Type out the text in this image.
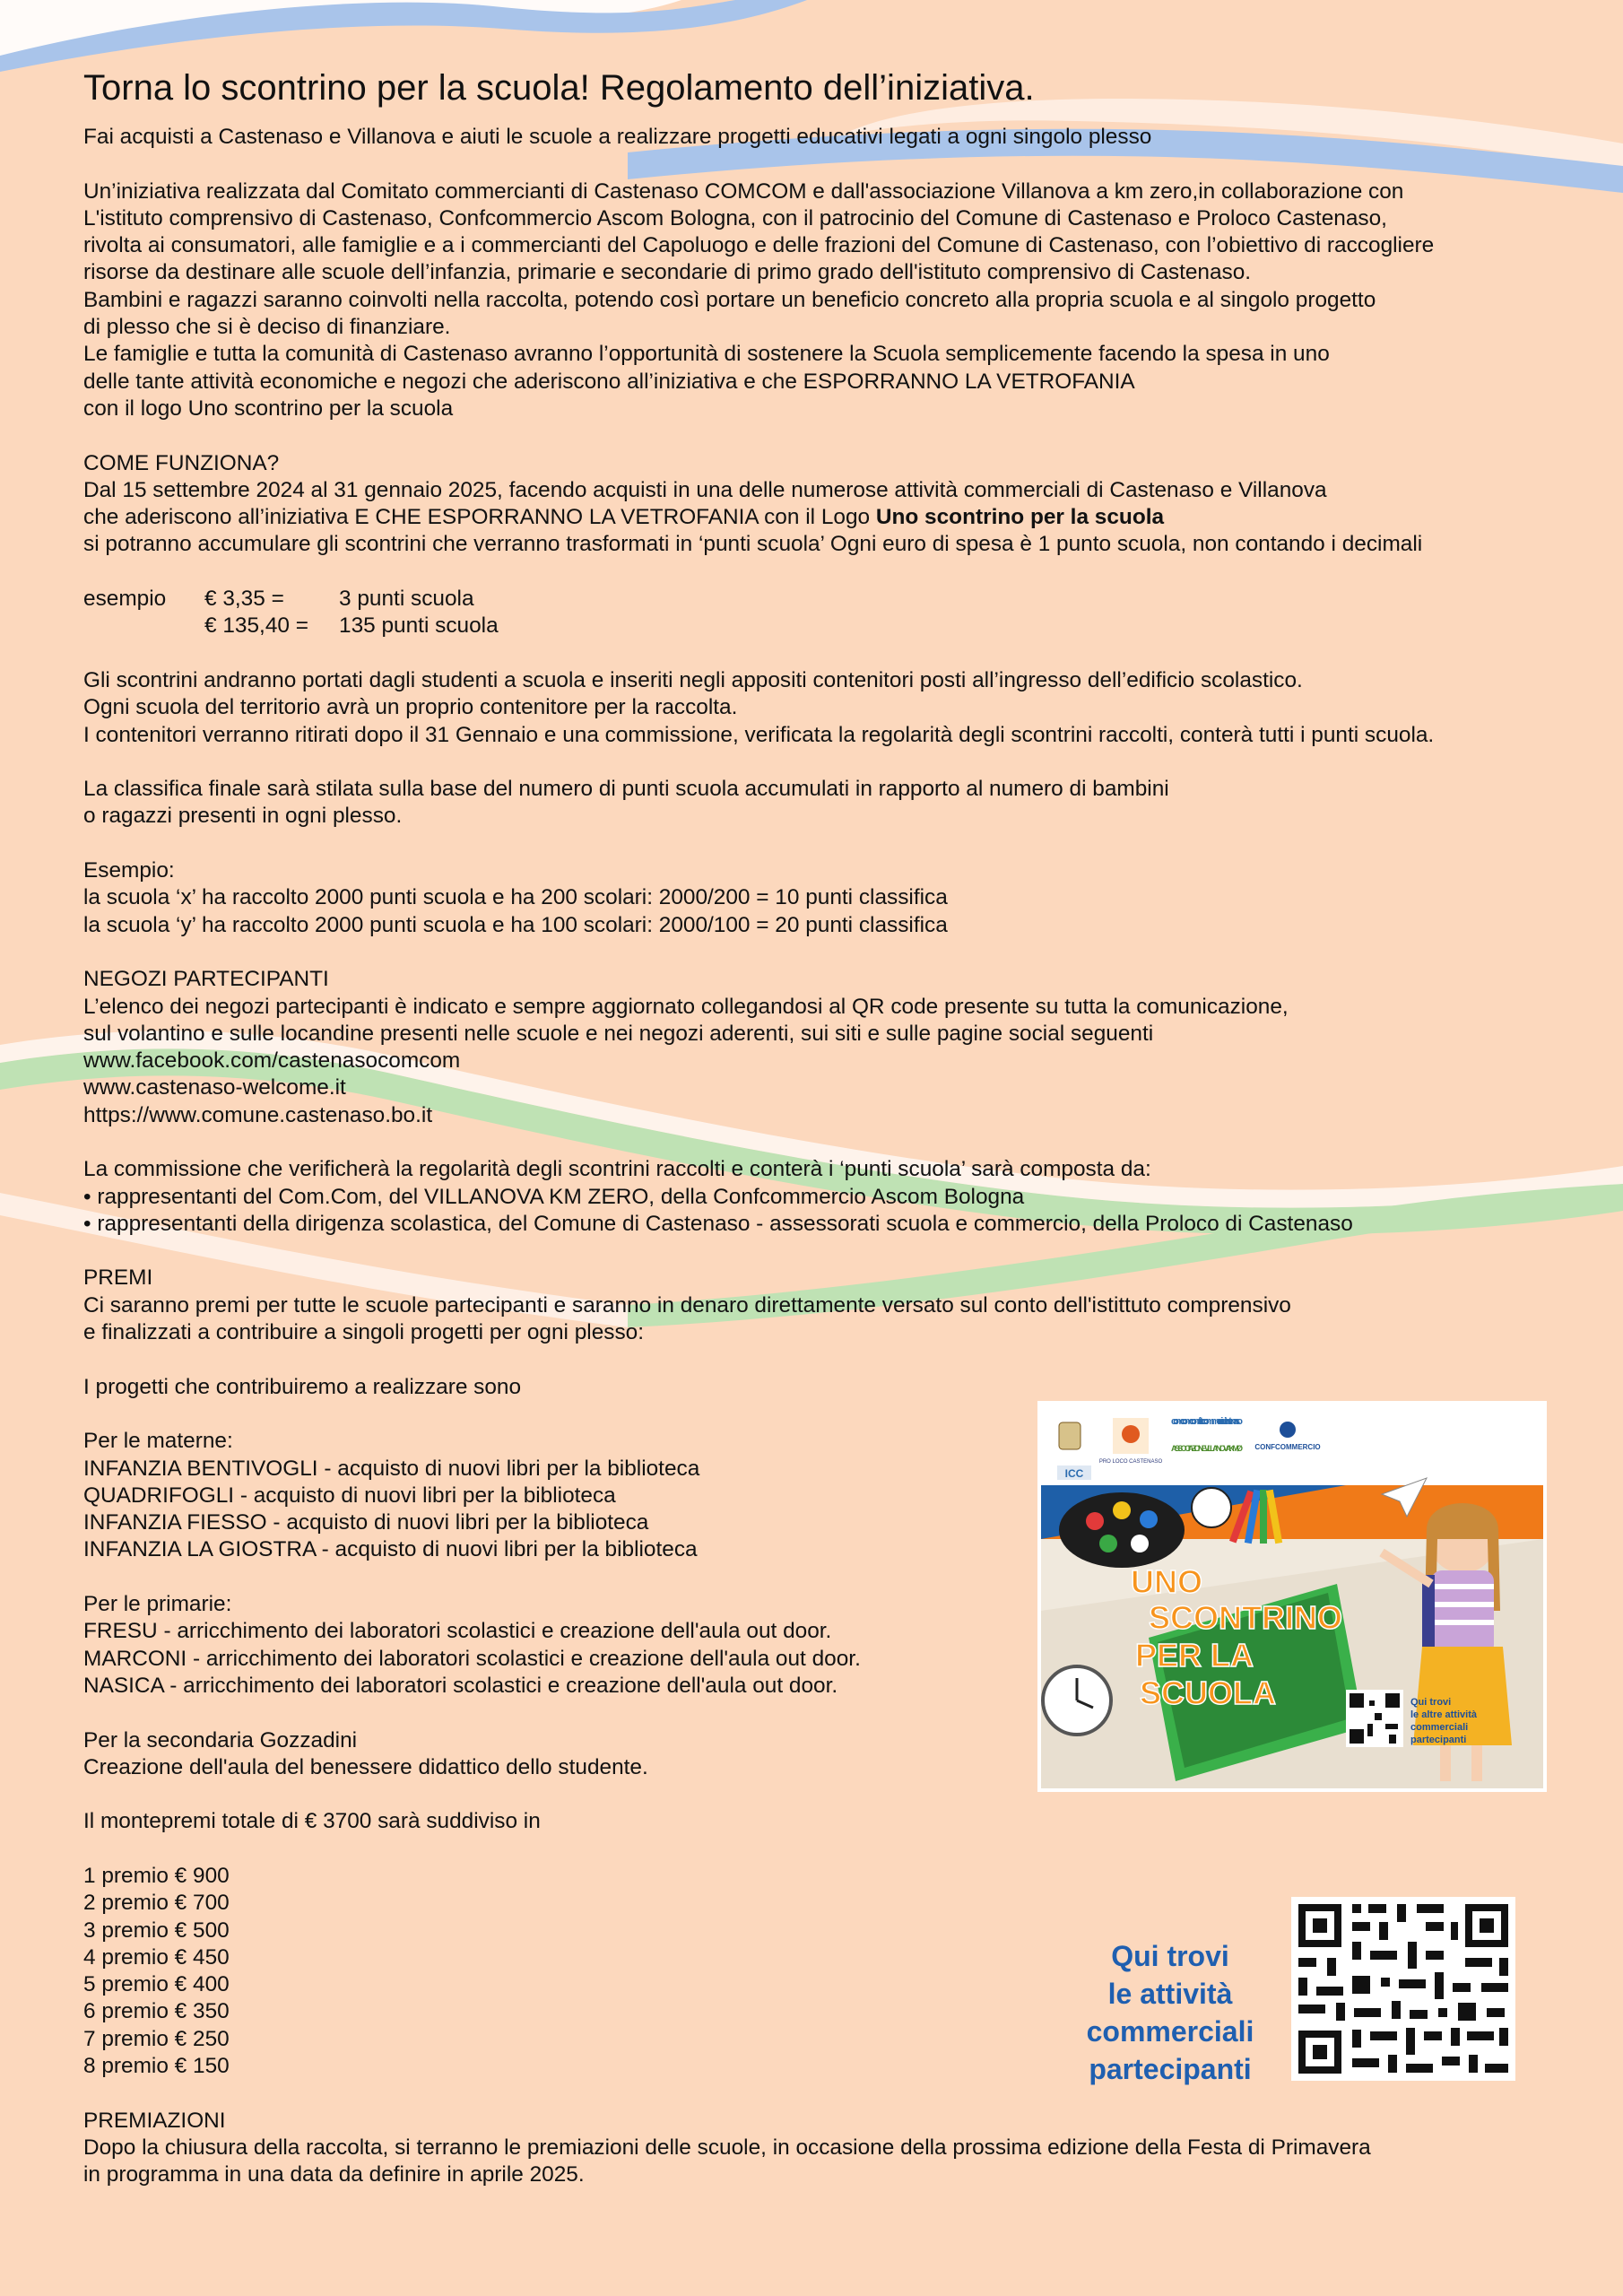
Torna lo scontrino per la scuola! Regolamento dell’iniziativa.

Fai acquisti a Castenaso e Villanova e aiuti le scuole a realizzare progetti educativi legati a ogni singolo plesso

Un’iniziativa realizzata dal Comitato commercianti di Castenaso COMCOM e dall'associazione Villanova a km zero,in collaborazione con

L'istituto comprensivo di Castenaso, Confcommercio Ascom Bologna, con il patrocinio del Comune di Castenaso e Proloco Castenaso,

rivolta ai consumatori, alle famiglie e a i commercianti del Capoluogo e delle frazioni del Comune di Castenaso, con l’obiettivo di raccogliere

risorse da destinare alle scuole dell’infanzia, primarie e secondarie di primo grado dell'istituto comprensivo di Castenaso.

Bambini e ragazzi saranno coinvolti nella raccolta, potendo così portare un beneficio concreto alla propria scuola e al singolo progetto

di plesso che si è deciso di finanziare.

Le famiglie e tutta la comunità di Castenaso avranno l’opportunità di sostenere la Scuola semplicemente facendo la spesa in uno

delle tante attività economiche e negozi che aderiscono all’iniziativa e che ESPORRANNO LA VETROFANIA

con il logo Uno scontrino per la scuola

COME FUNZIONA?

Dal 15 settembre 2024 al 31 gennaio 2025, facendo acquisti in una delle numerose attività commerciali di Castenaso e Villanova

che aderiscono all’iniziativa E CHE ESPORRANNO LA VETROFANIA con il Logo Uno scontrino per la scuola

si potranno accumulare gli scontrini che verranno trasformati in ‘punti scuola’ Ogni euro di spesa è 1 punto scuola, non contando i decimali

esempio	€ 3,35 =	3 punti scuola
€ 135,40 =	135 punti scuola

Gli scontrini andranno portati dagli studenti a scuola e inseriti negli appositi contenitori posti all’ingresso dell’edificio scolastico.

Ogni scuola del territorio avrà un proprio contenitore per la raccolta.

I contenitori verranno ritirati dopo il 31 Gennaio e una commissione, verificata la regolarità degli scontrini raccolti, conterà tutti i punti scuola.

La classifica finale sarà stilata sulla base del numero di punti scuola accumulati in rapporto al numero di bambini

o ragazzi presenti in ogni plesso.

Esempio:

la scuola ‘x’ ha raccolto 2000 punti scuola e ha 200 scolari: 2000/200 = 10 punti classifica

la scuola ‘y’ ha raccolto 2000 punti scuola e ha 100 scolari: 2000/100 = 20 punti classifica

NEGOZI PARTECIPANTI

L’elenco dei negozi partecipanti è indicato e sempre aggiornato collegandosi al QR code presente su tutta la comunicazione,

sul volantino e sulle locandine presenti nelle scuole e nei negozi aderenti, sui siti e sulle pagine social seguenti

www.facebook.com/castenasocomcom

www.castenaso-welcome.it

https://www.comune.castenaso.bo.it

La commissione che verificherà la regolarità degli scontrini raccolti e conterà i ‘punti scuola’ sarà composta da:

• rappresentanti del Com.Com, del VILLANOVA KM ZERO, della Confcommercio Ascom Bologna

• rappresentanti della dirigenza scolastica, del Comune di Castenaso - assessorati scuola e commercio, della Proloco di Castenaso

PREMI

Ci saranno premi per tutte le scuole partecipanti e saranno in denaro direttamente versato sul conto dell'istittuto comprensivo

e finalizzati a contribuire a singoli progetti per ogni plesso:

I progetti che contribuiremo a realizzare sono

Per le materne:

INFANZIA BENTIVOGLI - acquisto di nuovi libri per la biblioteca

QUADRIFOGLI - acquisto di nuovi libri per la biblioteca

INFANZIA FIESSO - acquisto di nuovi libri per la biblioteca

INFANZIA LA GIOSTRA - acquisto di nuovi libri per la biblioteca

Per le primarie:

FRESU - arricchimento dei laboratori scolastici e creazione dell'aula out door.

MARCONI - arricchimento dei laboratori scolastici e creazione dell'aula out door.

NASICA - arricchimento dei laboratori scolastici e creazione dell'aula out door.

Per la secondaria Gozzadini

Creazione dell'aula del benessere didattico dello studente.

Il montepremi totale di € 3700 sarà suddiviso in

1 premio € 900

2 premio € 700

3 premio € 500

4 premio € 450

5 premio € 400

6 premio € 350

7 premio € 250

8 premio € 150

PREMIAZIONI

Dopo la chiusura della raccolta, si terranno le premiazioni delle scuole, in occasione della prossima edizione della Festa di Primavera

in programma in una data da definire in aprile 2025.

PRO LOCO CASTENASO
ICC
com.com comitato commercianti castenaso
ASSOCIAZIONE VILLANOVA KM.Ø CONFCOMMERCIO
UNO
SCONTRINO
PER LA
SCUOLA	Qui trovi
le altre attività
commerciali
partecipanti
Qui trovi
le attività
commerciali
partecipanti
